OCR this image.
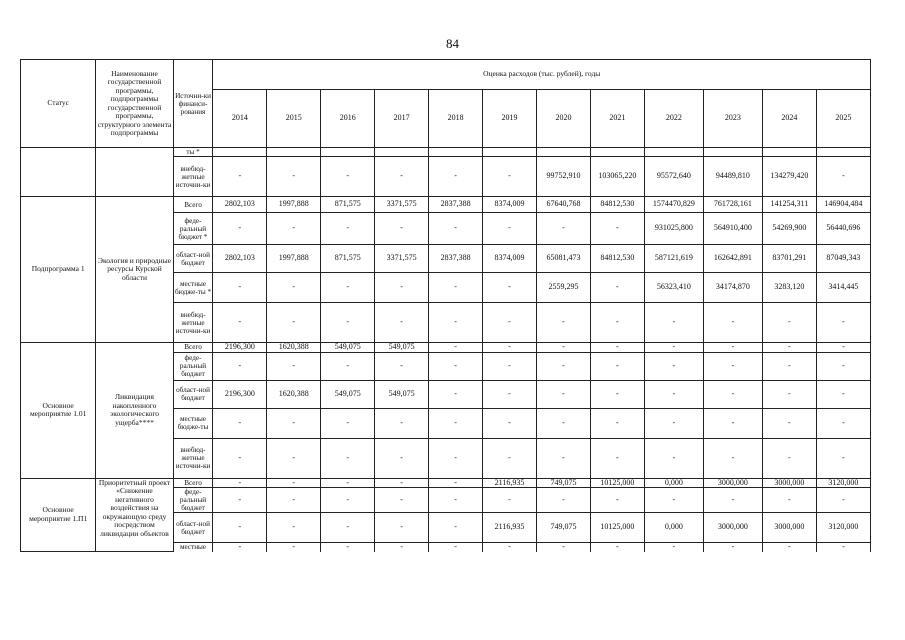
84
Статус	Наименование государственной программы, подпрограммы государственной программы, структурного элемента подпрограммы	Источни-ки финанси-рования	Оценка расходов (тыс. рублей), годы											
			2014	2015	2016	2017	2018	2019	2020	2021	2022	2023	2024	2025
		ты *												
		внебюд-жетные источни-ки	-	-	-	-	-	-	99752,910	103065,220	95572,640	94489,810	134279,420	-
Подпрограмма 1	Экология и природные ресурсы Курской области	Всего	2802,103	1997,888	871,575	3371,575	2837,388	8374,009	67640,768	84812,530	1574470,829	761728,161	141254,311	146904,484
		феде-ральный бюджет *	-	-	-	-	-	-	-	-	931025,800	564910,400	54269,900	56440,696
		област-ной бюджет	2802,103	1997,888	871,575	3371,575	2837,388	8374,009	65081,473	84812,530	587121,619	162642,891	83701,291	87049,343
		местные бюдже-ты *	-	-	-	-	-	-	2559,295	-	56323,410	34174,870	3283,120	3414,445
		внебюд-жетные источни-ки	-	-	-	-	-	-	-	-	-	-	-	-
Основное мероприятие 1.01	Ликвидация накопленного экологического ущерба****	Всего	2196,300	1620,388	549,075	549,075	-	-	-	-	-	-	-	-
		феде-ральный бюджет	-	-	-	-	-	-	-	-	-	-	-	-
		област-ной бюджет	2196,300	1620,388	549,075	549,075	-	-	-	-	-	-	-	-
		местные бюдже-ты	-	-	-	-	-	-	-	-	-	-	-	-
		внебюд-жетные источни-ки	-	-	-	-	-	-	-	-	-	-	-	-
Основное мероприятие 1.П1	Приоритетный проект «Снижение негативного воздействия на окружающую среду посредством ликвидации объектов	Всего	-	-	-	-	-	2116,935	749,075	10125,000	0,000	3000,000	3000,000	3120,000
		феде-ральный бюджет	-	-	-	-	-	-	-	-	-	-	-	-
		област-ной бюджет	-	-	-	-	-	2116,935	749,075	10125,000	0,000	3000,000	3000,000	3120,000
		местные	-	-	-	-	-	-	-	-	-	-	-	-
